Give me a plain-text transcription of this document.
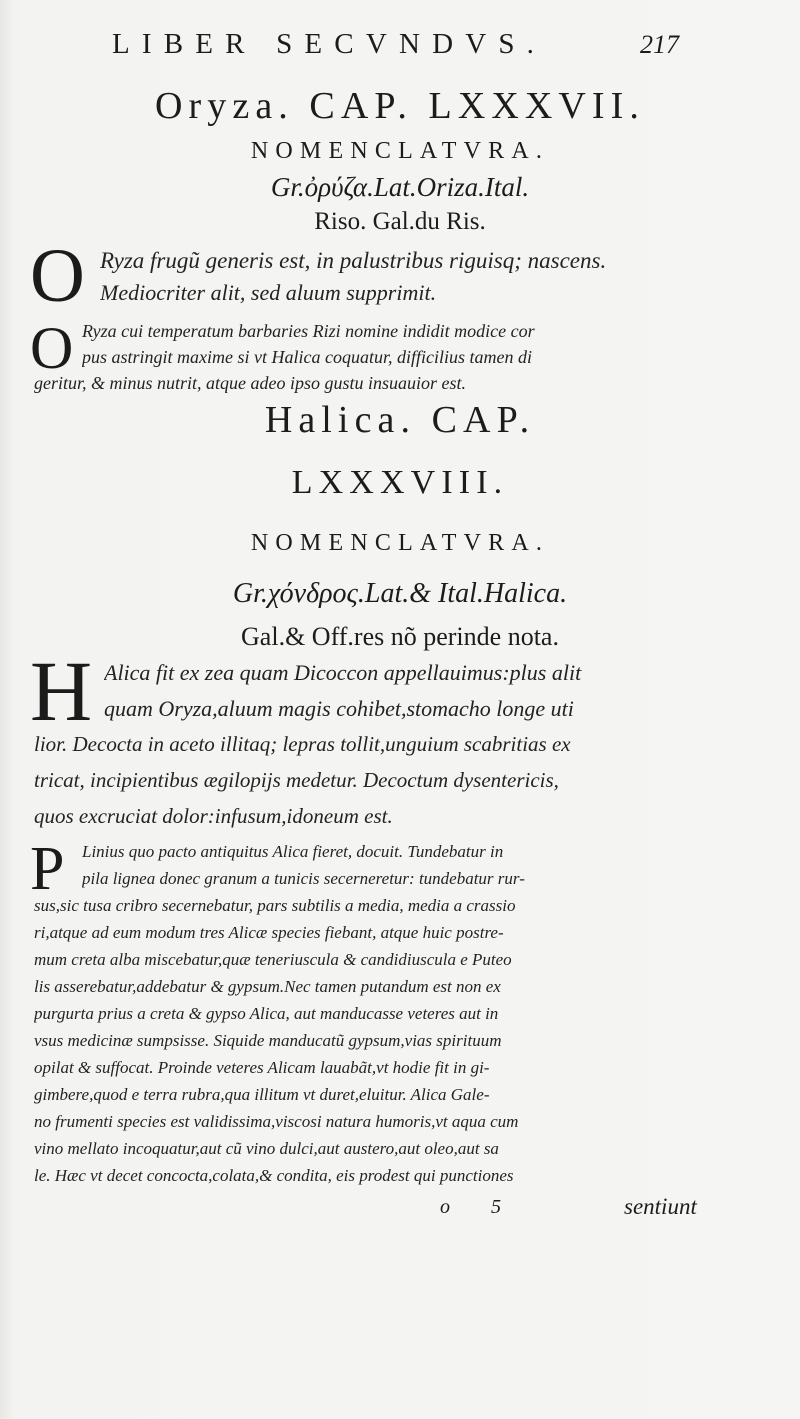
LIBER SECVNDVS.	217
Oryza. CAP. LXXXVII.
NOMENCLATVRA.
Gr.ὀρύζα.Lat.Oriza.Ital.
Riso. Gal.du Ris.
O Ryza frugũ generis est, in palustribus riguisq; nascens.
Mediocriter alit, sed aluum supprimit.
O Ryza cui temperatum barbaries Rizi nomine indidit modice cor
pus astringit maxime si vt Halica coquatur, difficilius tamen di
geritur, & minus nutrit, atque adeo ipso gustu insuauior est.
Halica. CAP.
LXXXVIII.
NOMENCLATVRA.
Gr.χόνδρος.Lat.& Ital.Halica.
Gal.& Off.res nõ perinde nota.
H Alica fit ex zea quam Dicoccon appellauimus:plus alit
quam Oryza,aluum magis cohibet,stomacho longe uti
lior. Decocta in aceto illitaq; lepras tollit,unguium scabritias ex
tricat, incipientibus ægilopijs medetur. Decoctum dysentericis,
quos excruciat dolor:infusum,idoneum est.
P Linius quo pacto antiquitus Alica fieret, docuit. Tundebatur in
pila lignea donec granum a tunicis secerneretur: tundebatur rur-
sus,sic tusa cribro secernebatur, pars subtilis a media, media a crassio
ri,atque ad eum modum tres Alicæ species fiebant, atque huic postre-
mum creta alba miscebatur,quæ teneriuscula & candidiuscula e Puteo
lis asserebatur,addebatur & gypsum.Nec tamen putandum est non ex
purgurta prius a creta & gypso Alica, aut manducasse veteres aut in
vsus medicinæ sumpsisse. Siquide manducatũ gypsum,vias spirituum
opilat & suffocat. Proinde veteres Alicam lauabãt,vt hodie fit in gi-
gimbere,quod e terra rubra,qua illitum vt duret,eluitur. Alica Gale-
no frumenti species est validissima,viscosi natura humoris,vt aqua cum
vino mellato incoquatur,aut cũ vino dulci,aut austero,aut oleo,aut sa
le. Hæc vt decet concocta,colata,& condita, eis prodest qui punctiones
o 5	sentiunt
